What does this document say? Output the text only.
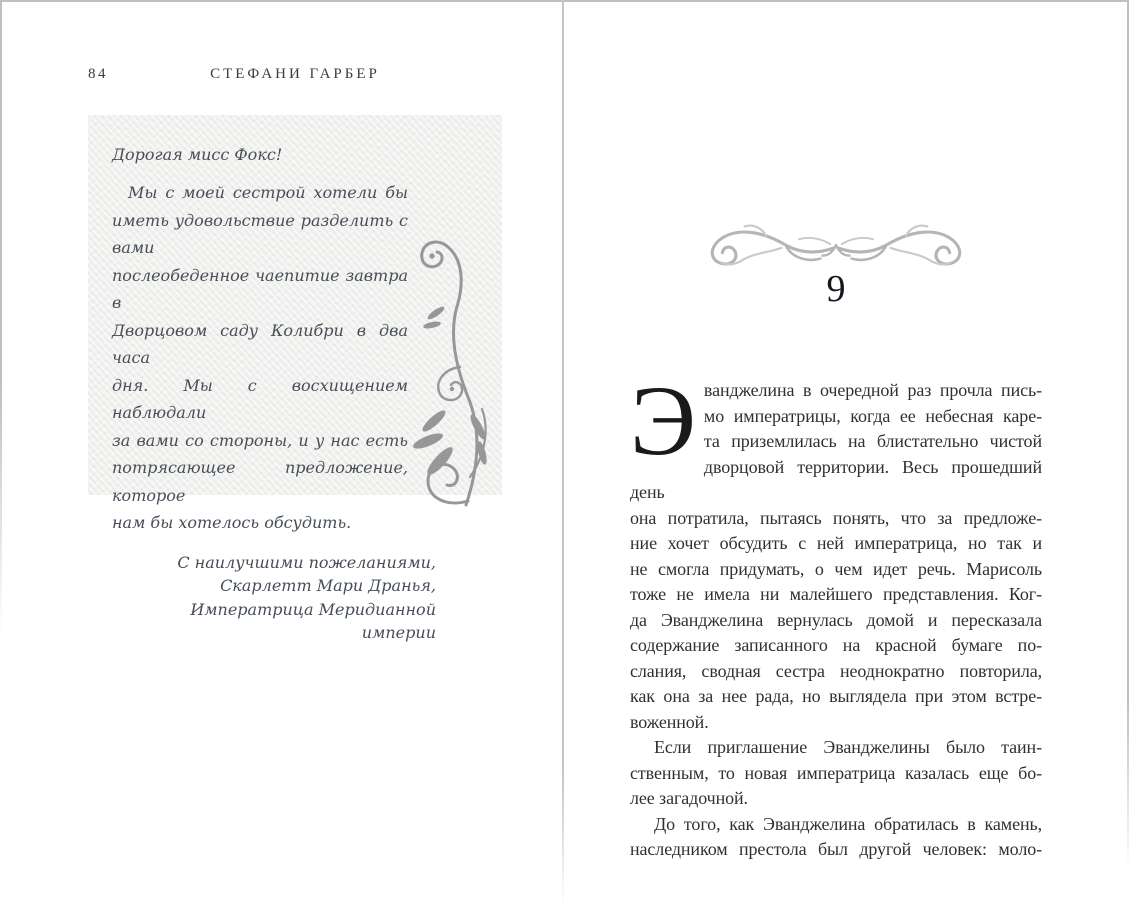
84	СТЕФАНИ ГАРБЕР
Дорогая мисс Фокс!
Мы с моей сестрой хотели бы
иметь удовольствие разделить с вами
послеобеденное чаепитие завтра в
Дворцовом саду Колибри в два часа
дня. Мы с восхищением наблюдали
за вами со стороны, и у нас есть
потрясающее предложение, которое
нам бы хотелось обсудить.
С наилучшими пожеланиями,
Скарлетт Мари Дранья,
Императрица Меридианной империи
9

Э ванджелина в очередной раз прочла пись-
мо императрицы, когда ее небесная каре-
та приземлилась на блистательно чистой
дворцовой территории. Весь прошедший день
она потратила, пытаясь понять, что за предложе-
ние хочет обсудить с ней императрица, но так и
не смогла придумать, о чем идет речь. Марисоль
тоже не имела ни малейшего представления. Ког-
да Эванджелина вернулась домой и пересказала
содержание записанного на красной бумаге по-
слания, сводная сестра неоднократно повторила,
как она за нее рада, но выглядела при этом встре-
воженной.

Если приглашение Эванджелины было таин-
ственным, то новая императрица казалась еще бо-
лее загадочной.

До того, как Эванджелина обратилась в камень,
наследником престола был другой человек: моло-
